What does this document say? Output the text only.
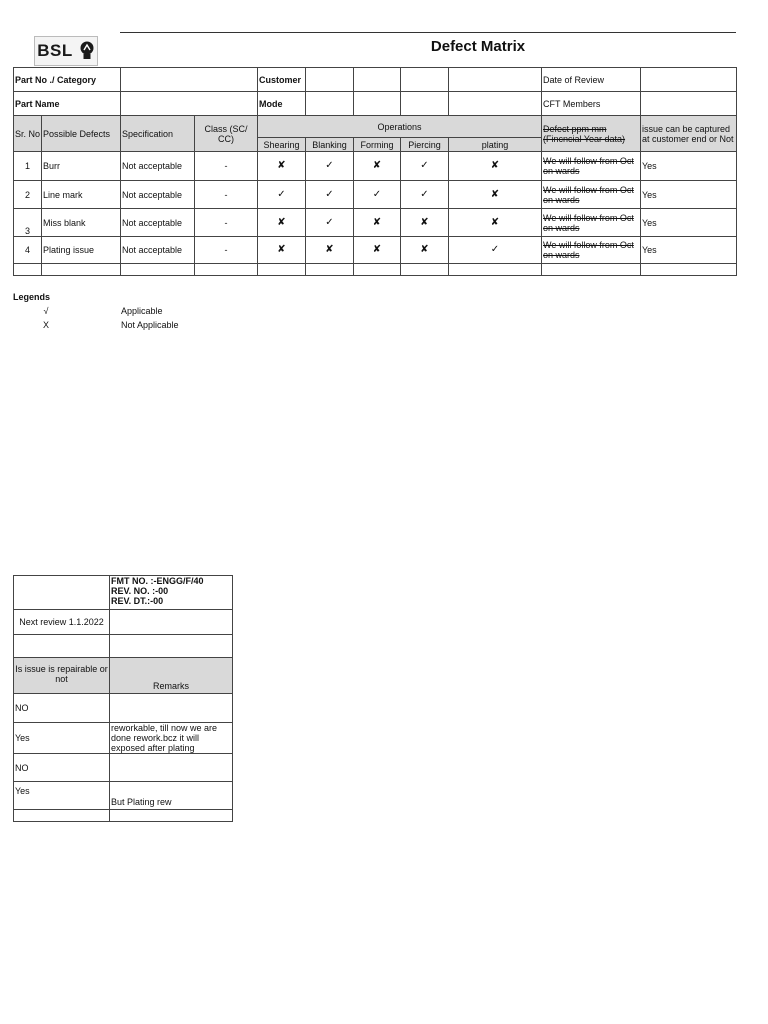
BSL	Defect Matrix
Part No ./ Category				Customer					Date of Review	
Part Name				Mode					CFT Members	
Sr. No	Possible Defects	Specification	Class (SC/ CC)	Operations					Defect ppm mm (Fincncial Year data)	issue can be captured at customer end or Not
				Shearing	Blanking	Forming	Piercing	plating		
1	Burr	Not acceptable	-	✘	✓	✘	✓	✘	We will follow from Oct on wards	Yes
2	Line mark	Not acceptable	-	✓	✓	✓	✓	✘	We will follow from Oct on wards	Yes
3	Miss blank	Not acceptable	-	✘	✓	✘	✘	✘	We will follow from Oct on wards	Yes
4	Plating issue	Not acceptable	-	✘	✘	✘	✘	✓	We will follow from Oct on wards	Yes

Legends
√	Applicable
X	Not Applicable

	FMT NO. :-ENGG/F/40
REV. NO. :-00
REV. DT.:-00

Next review 1.1.2022	

Is issue is repairable or not	Remarks
NO	
Yes	reworkable, till now we are done rework.bcz it will exposed after plating
NO	
Yes	But Plating rew
